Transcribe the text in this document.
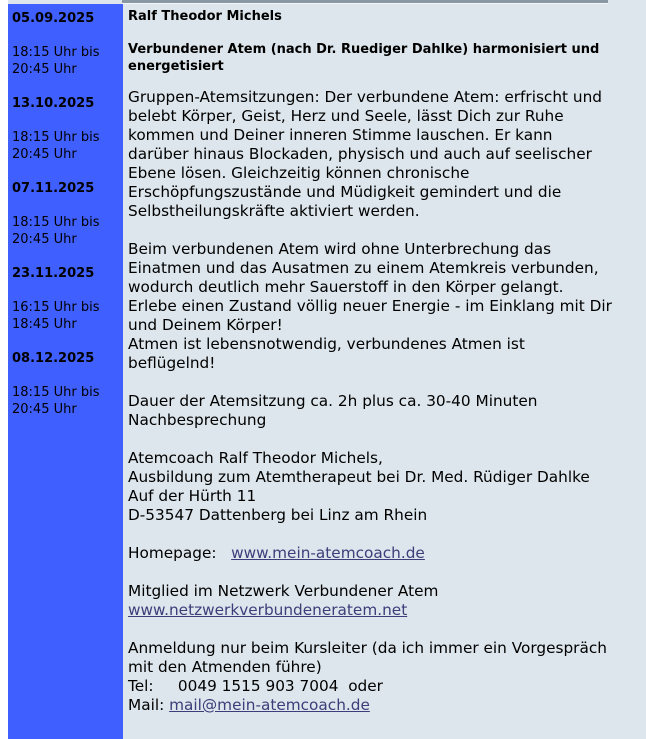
05.09.2025
18:15 Uhr bis
20:45 Uhr
13.10.2025
18:15 Uhr bis
20:45 Uhr
07.11.2025
18:15 Uhr bis
20:45 Uhr
23.11.2025
16:15 Uhr bis
18:45 Uhr
08.12.2025
18:15 Uhr bis
20:45 Uhr
Ralf Theodor Michels
Verbundener Atem (nach Dr. Ruediger Dahlke) harmonisiert und energetisiert
Gruppen-Atemsitzungen: Der verbundene Atem: erfrischt und belebt Körper, Geist, Herz und Seele, lässt Dich zur Ruhe kommen und Deiner inneren Stimme lauschen. Er kann darüber hinaus Blockaden, physisch und auch auf seelischer Ebene lösen. Gleichzeitig können chronische Erschöpfungszustände und Müdigkeit gemindert und die Selbstheilungskräfte aktiviert werden.
Beim verbundenen Atem wird ohne Unterbrechung das Einatmen und das Ausatmen zu einem Atemkreis verbunden, wodurch deutlich mehr Sauerstoff in den Körper gelangt. Erlebe einen Zustand völlig neuer Energie - im Einklang mit Dir und Deinem Körper!
Atmen ist lebensnotwendig, verbundenes Atmen ist beflügelnd!
Dauer der Atemsitzung ca. 2h plus ca. 30-40 Minuten Nachbesprechung
Atemcoach Ralf Theodor Michels,
Ausbildung zum Atemtherapeut bei Dr. Med. Rüdiger Dahlke
Auf der Hürth 11
D-53547 Dattenberg bei Linz am Rhein
Homepage: www.mein-atemcoach.de
Mitglied im Netzwerk Verbundener Atem
www.netzwerkverbundeneratem.net
Anmeldung nur beim Kursleiter (da ich immer ein Vorgespräch mit den Atmenden führe)
Tel: 0049 1515 903 7004 oder
Mail: mail@mein-atemcoach.de
